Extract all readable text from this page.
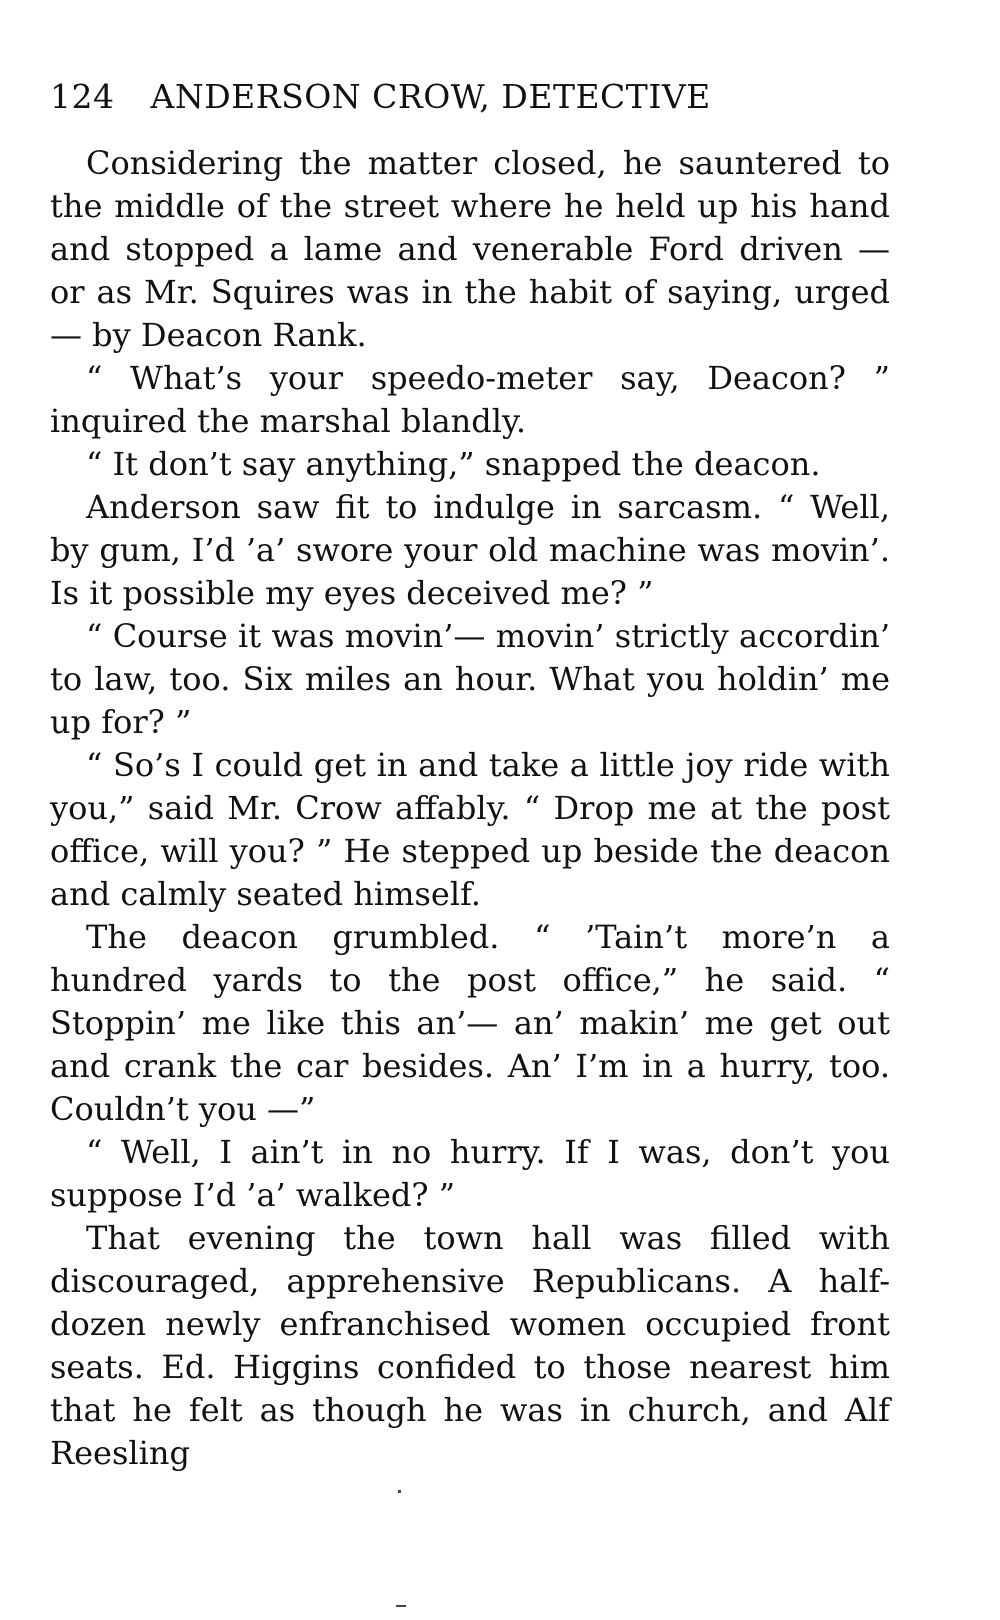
124 ANDERSON CROW, DETECTIVE

Considering the matter closed, he sauntered to the middle of the street where he held up his hand and stopped a lame and venerable Ford driven — or as Mr. Squires was in the habit of saying, urged — by Deacon Rank.

“ What’s your speedo-meter say, Deacon? ” inquired the marshal blandly.

“ It don’t say anything,” snapped the deacon.

Anderson saw fit to indulge in sarcasm. “ Well, by gum, I’d ’a’ swore your old machine was movin’. Is it possible my eyes deceived me? ”

“ Course it was movin’— movin’ strictly accordin’ to law, too. Six miles an hour. What you holdin’ me up for? ”

“ So’s I could get in and take a little joy ride with you,” said Mr. Crow affably. “ Drop me at the post office, will you? ” He stepped up beside the deacon and calmly seated himself.

The deacon grumbled. “ ’Tain’t more’n a hundred yards to the post office,” he said. “ Stoppin’ me like this an’— an’ makin’ me get out and crank the car besides. An’ I’m in a hurry, too. Couldn’t you —”

“ Well, I ain’t in no hurry. If I was, don’t you suppose I’d ’a’ walked? ”

That evening the town hall was filled with discouraged, apprehensive Republicans. A half-dozen newly enfranchised women occupied front seats. Ed. Higgins confided to those nearest him that he felt as though he was in church, and Alf Reesling
